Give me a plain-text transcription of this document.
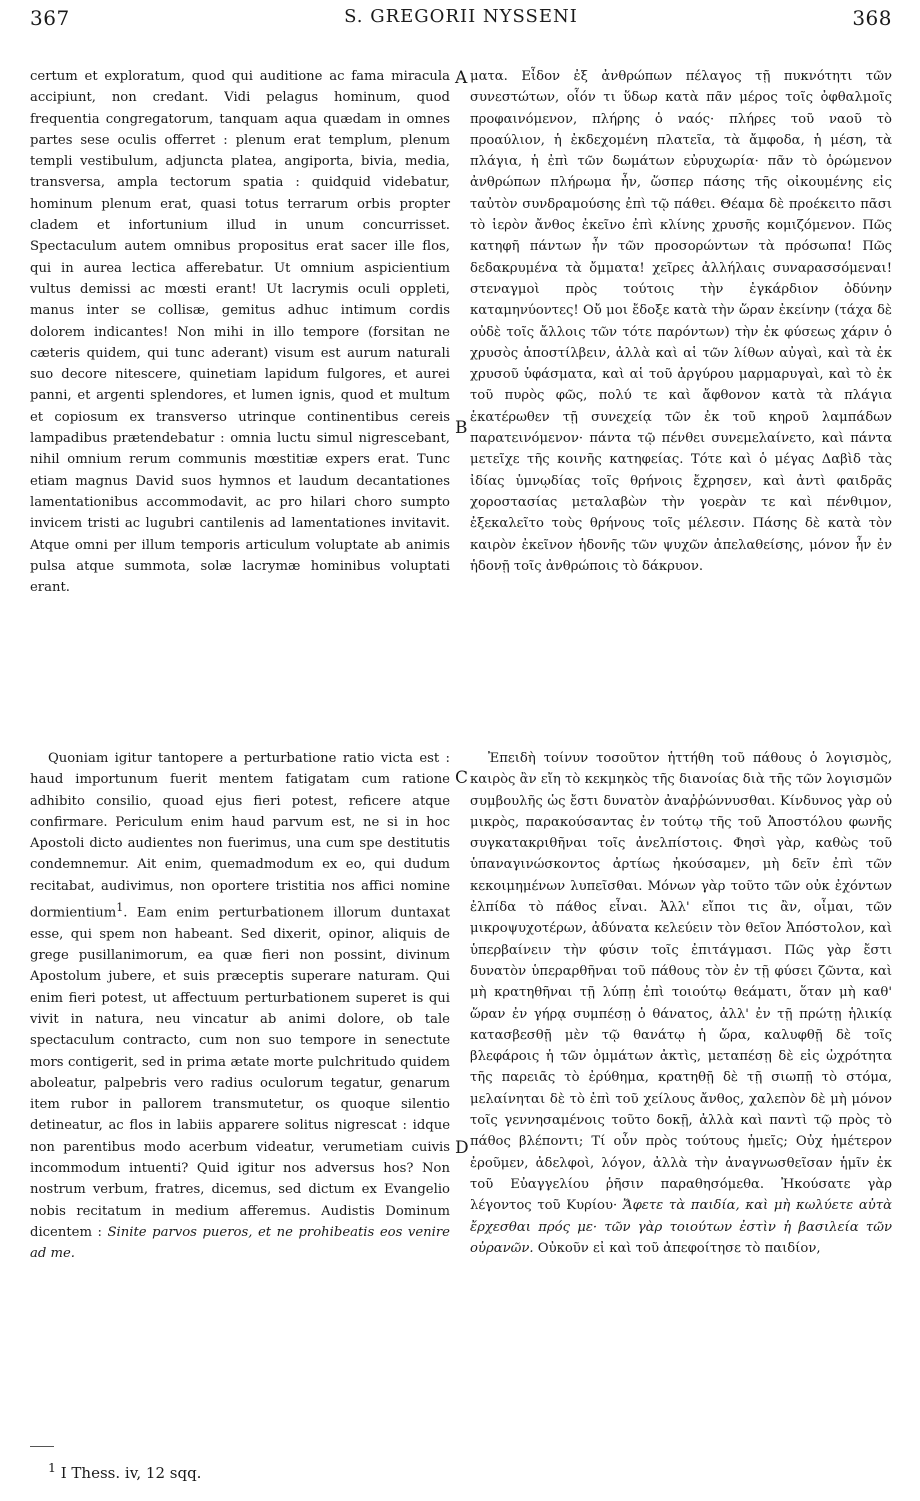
367	S. GREGORII NYSSENI	368

certum et exploratum, quod qui auditione ac fama miracula accipiunt, non credant. Vidi pelagus hominum, quod frequentia congregatorum, tanquam aqua quædam in omnes partes sese oculis offerret : plenum erat templum, plenum templi vestibulum, adjuncta platea, angiporta, bivia, media, transversa, ampla tectorum spatia : quidquid videbatur, hominum plenum erat, quasi totus terrarum orbis propter cladem et infortunium illud in unum concurrisset. Spectaculum autem omnibus propositus erat sacer ille flos, qui in aurea lectica afferebatur. Ut omnium aspicientium vultus demissi ac mœsti erant! Ut lacrymis oculi oppleti, manus inter se collisæ, gemitus adhuc intimum cordis dolorem indicantes! Non mihi in illo tempore (forsitan ne cæteris quidem, qui tunc aderant) visum est aurum naturali suo decore nitescere, quinetiam lapidum fulgores, et aurei panni, et argenti splendores, et lumen ignis, quod et multum et copiosum ex transverso utrinque continentibus cereis lampadibus prætendebatur : omnia luctu simul nigrescebant, nihil omnium rerum communis mœstitiæ expers erat. Tunc etiam magnus David suos hymnos et laudum decantationes lamentationibus accommodavit, ac pro hilari choro sumpto invicem tristi ac lugubri cantilenis ad lamentationes invitavit. Atque omni per illum temporis articulum voluptate ab animis pulsa atque summota, solæ lacrymæ hominibus voluptati erant.

ματα. Εἶδον ἐξ ἀνθρώπων πέλαγος τῇ πυκνότητι τῶν συνεστώτων, οἷόν τι ὕδωρ κατὰ πᾶν μέρος τοῖς ὀφθαλμοῖς προφαινόμενον, πλήρης ὁ ναός· πλήρες τοῦ ναοῦ τὸ προαύλιον, ἡ ἐκδεχομένη πλατεῖα, τὰ ἄμφοδα, ἡ μέση, τὰ πλάγια, ἡ ἐπὶ τῶν δωμάτων εὐρυχωρία· πᾶν τὸ ὁρώμενον ἀνθρώπων πλήρωμα ἦν, ὥσπερ πάσης τῆς οἰκουμένης εἰς ταὐτὸν συνδραμούσης ἐπὶ τῷ πάθει. Θέαμα δὲ προέκειτο πᾶσι τὸ ἱερὸν ἄνθος ἐκεῖνο ἐπὶ κλίνης χρυσῆς κομιζόμενον. Πῶς κατηφῆ πάντων ἦν τῶν προσορώντων τὰ πρόσωπα! Πῶς δεδακρυμένα τὰ ὄμματα! χεῖρες ἀλλήλαις συναρασσόμεναι! στεναγμοὶ πρὸς τούτοις τὴν ἐγκάρδιον ὀδύνην καταμηνύοντες! Οὔ μοι ἔδοξε κατὰ τὴν ὥραν ἐκείνην (τάχα δὲ οὐδὲ τοῖς ἄλλοις τῶν τότε παρόντων) τὴν ἐκ φύσεως χάριν ὁ χρυσὸς ἀποστίλβειν, ἀλλὰ καὶ αἱ τῶν λίθων αὐγαὶ, καὶ τὰ ἐκ χρυσοῦ ὑφάσματα, καὶ αἱ τοῦ ἀργύρου μαρμαρυγαὶ, καὶ τὸ ἐκ τοῦ πυρὸς φῶς, πολύ τε καὶ ἄφθονον κατὰ τὰ πλάγια ἑκατέρωθεν τῇ συνεχείᾳ τῶν ἐκ τοῦ κηροῦ λαμπάδων παρατεινόμενον· πάντα τῷ πένθει συνεμελαίνετο, καὶ πάντα μετεῖχε τῆς κοινῆς κατηφείας. Τότε καὶ ὁ μέγας Δαβὶδ τὰς ἰδίας ὑμνῳδίας τοῖς θρήνοις ἔχρησεν, καὶ ἀντὶ φαιδρᾶς χοροστασίας μεταλαβὼν τὴν γοερὰν τε καὶ πένθιμον, ἐξεκαλεῖτο τοὺς θρήνους τοῖς μέλεσιν. Πάσης δὲ κατὰ τὸν καιρὸν ἐκεῖνον ἡδονῆς τῶν ψυχῶν ἀπελαθείσης, μόνον ἦν ἐν ἡδονῇ τοῖς ἀνθρώποις τὸ δάκρυον.

Quoniam igitur tantopere a perturbatione ratio victa est : haud importunum fuerit mentem fatigatam cum ratione adhibito consilio, quoad ejus fieri potest, reficere atque confirmare. Periculum enim haud parvum est, ne si in hoc Apostoli dicto audientes non fuerimus, una cum spe destitutis condemnemur. Ait enim, quemadmodum ex eo, qui dudum recitabat, audivimus, non oportere tristitia nos affici nomine dormientium$^1$. Eam enim perturbationem illorum duntaxat esse, qui spem non habeant. Sed dixerit, opinor, aliquis de grege pusillanimorum, ea quæ fieri non possint, divinum Apostolum jubere, et suis præceptis superare naturam. Qui enim fieri potest, ut affectuum perturbationem superet is qui vivit in natura, neu vincatur ab animi dolore, ob tale spectaculum contracto, cum non suo tempore in senectute mors contigerit, sed in prima ætate morte pulchritudo quidem aboleatur, palpebris vero radius oculorum tegatur, genarum item rubor in pallorem transmutetur, os quoque silentio detineatur, ac flos in labiis apparere solitus nigrescat : idque non parentibus modo acerbum videatur, verumetiam cuivis incommodum intuenti? Quid igitur nos adversus hos? Non nostrum verbum, fratres, dicemus, sed dictum ex Evangelio nobis recitatum in medium afferemus. Audistis Dominum dicentem : Sinite parvos pueros, et ne prohibeatis eos venire ad me.

Ἐπειδὴ τοίνυν τοσοῦτον ἡττήθη τοῦ πάθους ὁ λογισμὸς, καιρὸς ἂν εἴη τὸ κεκμηκὸς τῆς διανοίας διὰ τῆς τῶν λογισμῶν συμβουλῆς ὡς ἔστι δυνατὸν ἀναῤῥώννυσθαι. Κίνδυνος γὰρ οὐ μικρὸς, παρακούσαντας ἐν τούτῳ τῆς τοῦ Ἀποστόλου φωνῆς συγκατακριθῆναι τοῖς ἀνελπίστοις. Φησὶ γὰρ, καθὼς τοῦ ὑπαναγινώσκοντος ἀρτίως ἠκούσαμεν, μὴ δεῖν ἐπὶ τῶν κεκοιμημένων λυπεῖσθαι. Μόνων γὰρ τοῦτο τῶν οὐκ ἐχόντων ἐλπίδα τὸ πάθος εἶναι. Ἀλλ' εἴποι τις ἂν, οἶμαι, τῶν μικροψυχοτέρων, ἀδύνατα κελεύειν τὸν θεῖον Ἀπόστολον, καὶ ὑπερβαίνειν τὴν φύσιν τοῖς ἐπιτάγμασι. Πῶς γὰρ ἔστι δυνατὸν ὑπεραρθῆναι τοῦ πάθους τὸν ἐν τῇ φύσει ζῶντα, καὶ μὴ κρατηθῆναι τῇ λύπῃ ἐπὶ τοιούτῳ θεάματι, ὅταν μὴ καθ' ὥραν ἐν γήρᾳ συμπέσῃ ὁ θάνατος, ἀλλ' ἐν τῇ πρώτῃ ἡλικίᾳ κατασβεσθῇ μὲν τῷ θανάτῳ ἡ ὥρα, καλυφθῇ δὲ τοῖς βλεφάροις ἡ τῶν ὀμμάτων ἀκτὶς, μεταπέσῃ δὲ εἰς ὠχρότητα τῆς παρειᾶς τὸ ἐρύθημα, κρατηθῇ δὲ τῇ σιωπῇ τὸ στόμα, μελαίνηται δὲ τὸ ἐπὶ τοῦ χείλους ἄνθος, χαλεπὸν δὲ μὴ μόνον τοῖς γεννησαμένοις τοῦτο δοκῇ, ἀλλὰ καὶ παντὶ τῷ πρὸς τὸ πάθος βλέποντι; Τί οὖν πρὸς τούτους ἡμεῖς; Οὐχ ἡμέτερον ἐροῦμεν, ἀδελφοὶ, λόγον, ἀλλὰ τὴν ἀναγνωσθεῖσαν ἡμῖν ἐκ τοῦ Εὐαγγελίου ῥῆσιν παραθησόμεθα. Ἠκούσατε γὰρ λέγοντος τοῦ Κυρίου· Ἄφετε τὰ παιδία, καὶ μὴ κωλύετε αὐτὰ ἔρχεσθαι πρός με· τῶν γὰρ τοιούτων ἐστὶν ἡ βασιλεία τῶν οὐρανῶν. Οὐκοῦν εἰ καὶ τοῦ ἀπεφοίτησε τὸ παιδίον,

A
B
C
D
$^1$ I Thess. iv, 12 sqq.
